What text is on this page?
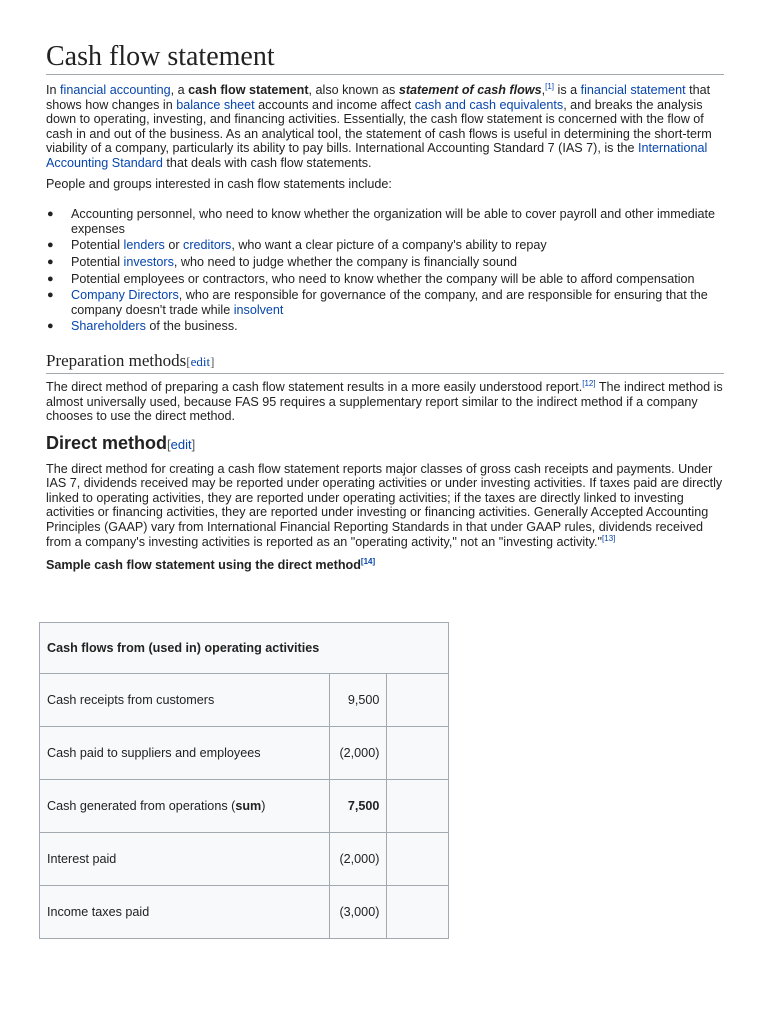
Cash flow statement

In financial accounting, a cash flow statement, also known as statement of cash flows,[1] is a financial statement that shows how changes in balance sheet accounts and income affect cash and cash equivalents, and breaks the analysis down to operating, investing, and financing activities. Essentially, the cash flow statement is concerned with the flow of cash in and out of the business. As an analytical tool, the statement of cash flows is useful in determining the short-term viability of a company, particularly its ability to pay bills. International Accounting Standard 7 (IAS 7), is the International Accounting Standard that deals with cash flow statements.

People and groups interested in cash flow statements include:

● Accounting personnel, who need to know whether the organization will be able to cover payroll and other immediate expenses
● Potential lenders or creditors, who want a clear picture of a company's ability to repay
● Potential investors, who need to judge whether the company is financially sound
● Potential employees or contractors, who need to know whether the company will be able to afford compensation
● Company Directors, who are responsible for governance of the company, and are responsible for ensuring that the company doesn't trade while insolvent
● Shareholders of the business.
Preparation methods[edit]

The direct method of preparing a cash flow statement results in a more easily understood report.[12] The indirect method is almost universally used, because FAS 95 requires a supplementary report similar to the indirect method if a company chooses to use the direct method.

Direct method[edit]

The direct method for creating a cash flow statement reports major classes of gross cash receipts and payments. Under IAS 7, dividends received may be reported under operating activities or under investing activities. If taxes paid are directly linked to operating activities, they are reported under operating activities; if the taxes are directly linked to investing activities or financing activities, they are reported under investing or financing activities. Generally Accepted Accounting Principles (GAAP) vary from International Financial Reporting Standards in that under GAAP rules, dividends received from a company's investing activities is reported as an "operating activity," not an "investing activity."[13]

Sample cash flow statement using the direct method[14]

Cash flows from (used in) operating activities		
Cash receipts from customers	9,500	
Cash paid to suppliers and employees	(2,000)	
Cash generated from operations (sum)	7,500	
Interest paid	(2,000)	
Income taxes paid	(3,000)	
